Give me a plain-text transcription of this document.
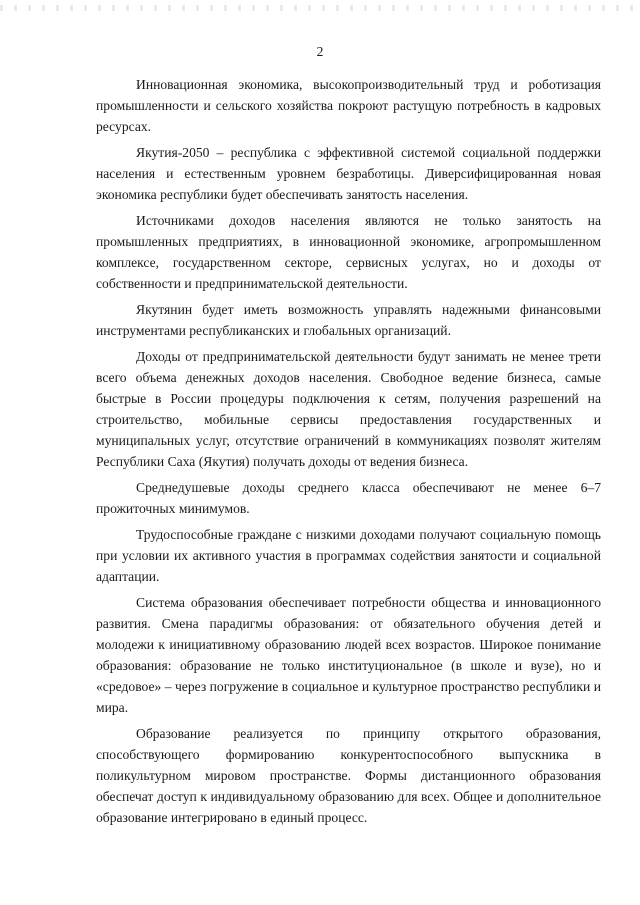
2

Инновационная экономика, высокопроизводительный труд и роботизация промышленности и сельского хозяйства покроют растущую потребность в кадровых ресурсах.

Якутия-2050 – республика с эффективной системой социальной поддержки населения и естественным уровнем безработицы. Диверсифицированная новая экономика республики будет обеспечивать занятость населения.

Источниками доходов населения являются не только занятость на промышленных предприятиях, в инновационной экономике, агропромышленном комплексе, государственном секторе, сервисных услугах, но и доходы от собственности и предпринимательской деятельности.

Якутянин будет иметь возможность управлять надежными финансовыми инструментами республиканских и глобальных организаций.

Доходы от предпринимательской деятельности будут занимать не менее трети всего объема денежных доходов населения. Свободное ведение бизнеса, самые быстрые в России процедуры подключения к сетям, получения разрешений на строительство, мобильные сервисы предоставления государственных и муниципальных услуг, отсутствие ограничений в коммуникациях позволят жителям Республики Саха (Якутия) получать доходы от ведения бизнеса.

Среднедушевые доходы среднего класса обеспечивают не менее 6–7 прожиточных минимумов.

Трудоспособные граждане с низкими доходами получают социальную помощь при условии их активного участия в программах содействия занятости и социальной адаптации.

Система образования обеспечивает потребности общества и инновационного развития. Смена парадигмы образования: от обязательного обучения детей и молодежи к инициативному образованию людей всех возрастов. Широкое понимание образования: образование не только институциональное (в школе и вузе), но и «средовое» – через погружение в социальное и культурное пространство республики и мира.

Образование реализуется по принципу открытого образования, способствующего формированию конкурентоспособного выпускника в поликультурном мировом пространстве. Формы дистанционного образования обеспечат доступ к индивидуальному образованию для всех. Общее и дополнительное образование интегрировано в единый процесс.
